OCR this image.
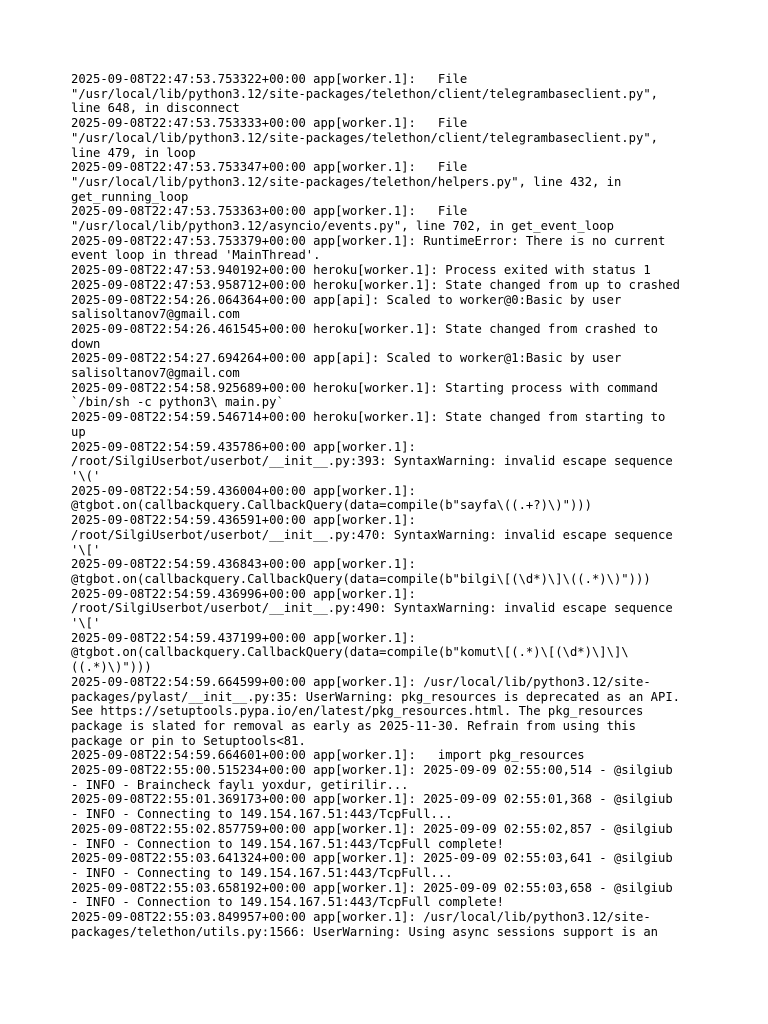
2025-09-08T22:47:53.753322+00:00 app[worker.1]:   File
"/usr/local/lib/python3.12/site-packages/telethon/client/telegrambaseclient.py",
line 648, in disconnect
2025-09-08T22:47:53.753333+00:00 app[worker.1]:   File
"/usr/local/lib/python3.12/site-packages/telethon/client/telegrambaseclient.py",
line 479, in loop
2025-09-08T22:47:53.753347+00:00 app[worker.1]:   File
"/usr/local/lib/python3.12/site-packages/telethon/helpers.py", line 432, in
get_running_loop
2025-09-08T22:47:53.753363+00:00 app[worker.1]:   File
"/usr/local/lib/python3.12/asyncio/events.py", line 702, in get_event_loop
2025-09-08T22:47:53.753379+00:00 app[worker.1]: RuntimeError: There is no current
event loop in thread 'MainThread'.
2025-09-08T22:47:53.940192+00:00 heroku[worker.1]: Process exited with status 1
2025-09-08T22:47:53.958712+00:00 heroku[worker.1]: State changed from up to crashed
2025-09-08T22:54:26.064364+00:00 app[api]: Scaled to worker@0:Basic by user
salisoltanov7@gmail.com
2025-09-08T22:54:26.461545+00:00 heroku[worker.1]: State changed from crashed to
down
2025-09-08T22:54:27.694264+00:00 app[api]: Scaled to worker@1:Basic by user
salisoltanov7@gmail.com
2025-09-08T22:54:58.925689+00:00 heroku[worker.1]: Starting process with command
`/bin/sh -c python3\ main.py`
2025-09-08T22:54:59.546714+00:00 heroku[worker.1]: State changed from starting to
up
2025-09-08T22:54:59.435786+00:00 app[worker.1]:
/root/SilgiUserbot/userbot/__init__.py:393: SyntaxWarning: invalid escape sequence
'\('
2025-09-08T22:54:59.436004+00:00 app[worker.1]:
@tgbot.on(callbackquery.CallbackQuery(data=compile(b"sayfa\((.+?)\)")))
2025-09-08T22:54:59.436591+00:00 app[worker.1]:
/root/SilgiUserbot/userbot/__init__.py:470: SyntaxWarning: invalid escape sequence
'\['
2025-09-08T22:54:59.436843+00:00 app[worker.1]:
@tgbot.on(callbackquery.CallbackQuery(data=compile(b"bilgi\[(\d*)\]\((.*)\)")))
2025-09-08T22:54:59.436996+00:00 app[worker.1]:
/root/SilgiUserbot/userbot/__init__.py:490: SyntaxWarning: invalid escape sequence
'\['
2025-09-08T22:54:59.437199+00:00 app[worker.1]:
@tgbot.on(callbackquery.CallbackQuery(data=compile(b"komut\[(.*)\[(\d*)\]\]\
((.*)\)")))
2025-09-08T22:54:59.664599+00:00 app[worker.1]: /usr/local/lib/python3.12/site-
packages/pylast/__init__.py:35: UserWarning: pkg_resources is deprecated as an API.
See https://setuptools.pypa.io/en/latest/pkg_resources.html. The pkg_resources
package is slated for removal as early as 2025-11-30. Refrain from using this
package or pin to Setuptools<81.
2025-09-08T22:54:59.664601+00:00 app[worker.1]:   import pkg_resources
2025-09-08T22:55:00.515234+00:00 app[worker.1]: 2025-09-09 02:55:00,514 - @silgiub
- INFO - Braincheck faylı yoxdur, getirilir...
2025-09-08T22:55:01.369173+00:00 app[worker.1]: 2025-09-09 02:55:01,368 - @silgiub
- INFO - Connecting to 149.154.167.51:443/TcpFull...
2025-09-08T22:55:02.857759+00:00 app[worker.1]: 2025-09-09 02:55:02,857 - @silgiub
- INFO - Connection to 149.154.167.51:443/TcpFull complete!
2025-09-08T22:55:03.641324+00:00 app[worker.1]: 2025-09-09 02:55:03,641 - @silgiub
- INFO - Connecting to 149.154.167.51:443/TcpFull...
2025-09-08T22:55:03.658192+00:00 app[worker.1]: 2025-09-09 02:55:03,658 - @silgiub
- INFO - Connection to 149.154.167.51:443/TcpFull complete!
2025-09-08T22:55:03.849957+00:00 app[worker.1]: /usr/local/lib/python3.12/site-
packages/telethon/utils.py:1566: UserWarning: Using async sessions support is an
